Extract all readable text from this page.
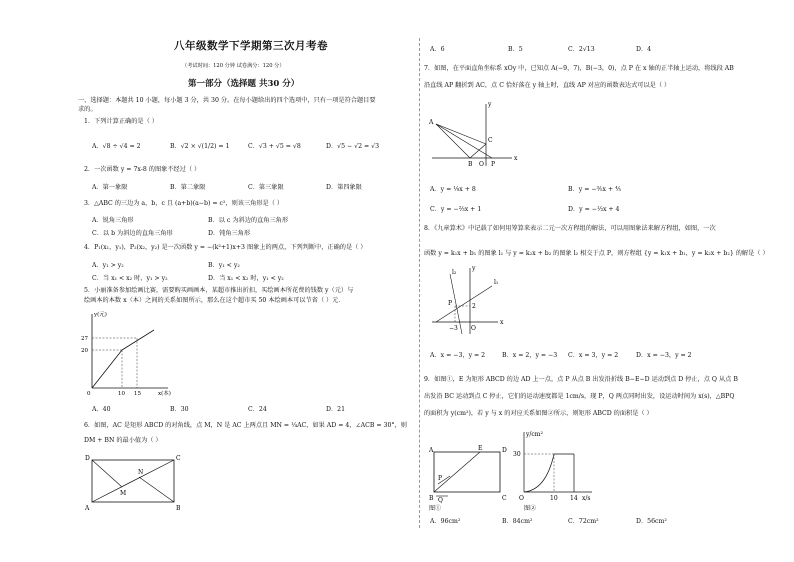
八年级数学下学期第三次月考卷
（考试时间：120 分钟 试卷满分：120 分）
第一部分（选择题 共30 分）
一、选择题：本题共 10 小题，每小题 3 分，共 30 分。在每小题给出的四个选项中，只有一项是符合题目要
求的。
1．下列计算正确的是（ ）
A．√8 ÷ √4 = 2	B．√2 × √(1/2) = 1	C．√3 + √5 = √8	D．√5 − √2 = √3
2．一次函数 y = 7x-8 的图象不经过（ ）
A．第一象限	B．第二象限	C．第三象限	D．第四象限
3．△ABC 的三边为 a，b，c 且 (a+b)(a−b) = c²，则该三角形是（ ）
A．锐角三角形	B．以 c 为斜边的直角三角形
C．以 b 为斜边的直角三角形	D．钝角三角形
4．P₁(x₁，y₁)，P₂(x₂，y₂) 是一次函数 y = −(k²+1)x+3 图象上的两点，下列判断中，正确的是（ ）
A．y₁ > y₂	B．y₁ < y₂
C．当 x₁ < x₂ 时，y₁ > y₂	D．当 x₁ < x₂ 时，y₁ < y₂
5．小丽准备参加绘画比赛，需要购买画画本，某超市推出折扣，买绘画本所花费的钱数 y（元）与
绘画本的本数 x（本）之间的关系如图所示，那么在这个超市买 50 本绘画本可以节省（ ）元．
y(元)
x(本)
27
20
10 15
0
A．40	B．30	C．24	D．21
6．如图，AC 是矩形 ABCD 的对角线，点 M，N 是 AC 上两点且 MN = ¼AC，如果 AD = 4，∠ACB = 30°，则
DM + BN 的最小值为（ ）
D	C
A	B
M
N
A．6	B．5	C．2√13	D．4
7．如图，在平面直角坐标系 xOy 中，已知点 A(−9，7)，B(−3，0)，点 P 在 x 轴的正半轴上运动，将线段 AB
沿直线 AP 翻折到 AC，点 C 恰好落在 y 轴上时，直线 AP 对应的函数表达式可以是（ ）
A
B
C
O P
x
y
A．y = ⅑x + 8	B．y = −⅗x + ⅘
C．y = −⅔x + 1	D．y = −⅓x + 4
8．《九章算术》中记载了如何用筹算来表示二元一次方程组的解法，可以用图象法来解方程组，如图，一次
函数 y = k₁x + b₁ 的图象 l₁ 与 y = k₂x + b₂ 的图象 l₂ 相交于点 P，则方程组 {y = k₁x + b₁，y = k₂x + b₂} 的解是（ ）
l₁
l₂
P
y
x
O
−3
2
A．x = −3，y = 2	B．x = 2，y = −3 C．x = 3，y = 2	D．x = −3，y = 2
9．如图①，E 为矩形 ABCD 的边 AD 上一点，点 P 从点 B 出发沿折线 B−E−D 运动到点 D 停止，点 Q 从点 B
出发沿 BC 运动到点 C 停止，它们的运动速度都是 1cm/s，现 P，Q 两点同时出发，设运动时间为 x(s)，△BPQ
的面积为 y(cm²)，若 y 与 x 的对应关系如图②所示，则矩形 ABCD 的面积是（ ）
A	E	D
B Q	C
P
图①
y/cm²
x/s
O
30
10 14
图②
A．96cm²	B．84cm²	C．72cm²	D．56cm²
